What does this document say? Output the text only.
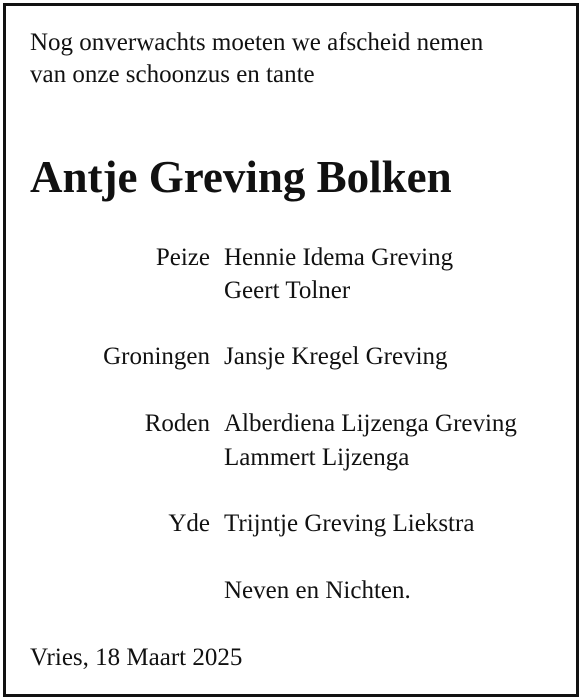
Nog onverwachts moeten we afscheid nemen
van onze schoonzus en tante
Antje Greving Bolken
Peize Hennie Idema Greving
Geert Tolner
Groningen Jansje Kregel Greving
Roden Alberdiena Lijzenga Greving
Lammert Lijzenga
Yde Trijntje Greving Liekstra
Neven en Nichten.
Vries, 18 Maart 2025
